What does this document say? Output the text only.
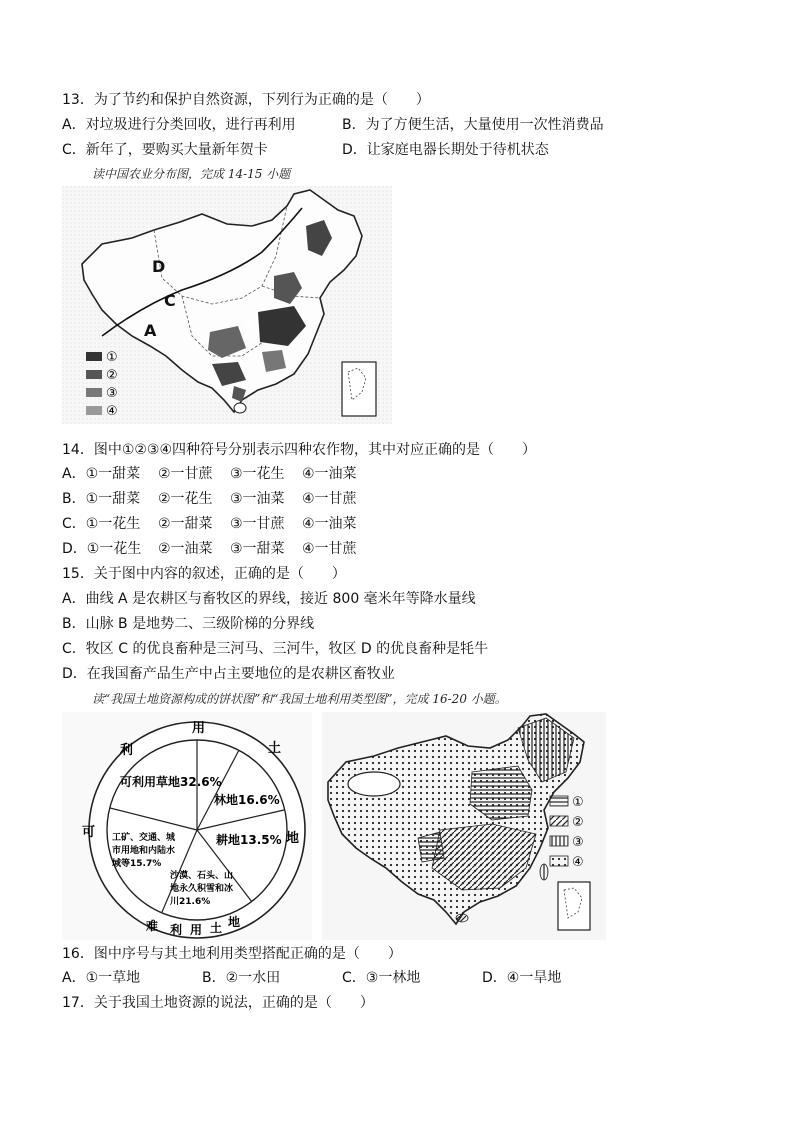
13．为了节约和保护自然资源，下列行为正确的是（　　）
A．对垃圾进行分类回收，进行再利用	B．为了方便生活，大量使用一次性消费品
C．新年了，要购买大量新年贺卡	D．让家庭电器长期处于待机状态
读中国农业分布图，完成 14-15 小题
D
C
A	B
①
②
③
④
14．图中①②③④四种符号分别表示四种农作物，其中对应正确的是（　　）
A．①一甜菜 ②一甘蔗 ③一花生 ④一油菜
B．①一甜菜 ②一花生 ③一油菜 ④一甘蔗
C．①一花生 ②一甜菜 ③一甘蔗 ④一油菜
D．①一花生 ②一油菜 ③一甜菜 ④一甘蔗
15．关于图中内容的叙述，正确的是（　　）
A．曲线 A 是农耕区与畜牧区的界线，接近 800 毫米年等降水量线
B．山脉 B 是地势二、三级阶梯的分界线
C．牧区 C 的优良畜种是三河马、三河牛，牧区 D 的优良畜种是牦牛
D．在我国畜产品生产中占主要地位的是农耕区畜牧业
读“我国土地资源构成的饼状图”和“我国土地利用类型图”，完成 16-20 小题。
用
利
可
土
地
难 利 用 土 地
可利用草地32.6%
林地16.6%
耕地13.5%
工矿、交通、城
市用地和内陆水
域等15.7%
沙漠、石头、山
地永久积雪和冰
川21.6%
①
②
③
④
16．图中序号与其土地利用类型搭配正确的是（　　）
A．①一草地	B．②一水田	C．③一林地	D．④一旱地
17．关于我国土地资源的说法，正确的是（　　）
